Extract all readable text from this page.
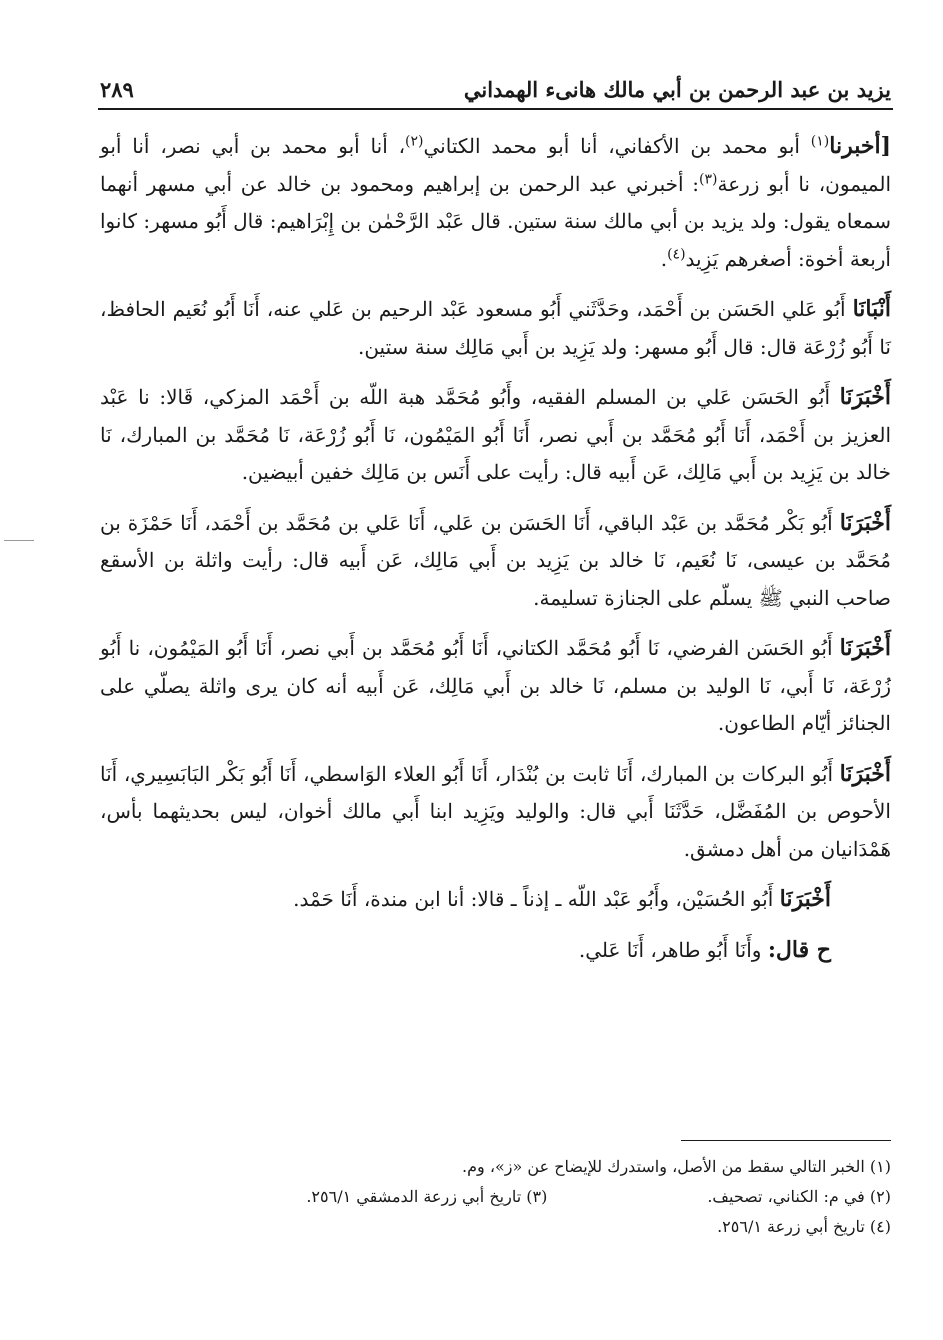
يزيد بن عبد الرحمن بن أبي مالك هانىء الهمداني
٢٨٩

[أخبرنا$^{(١)}$ أبو محمد بن الأكفاني، أنا أبو محمد الكتاني$^{(٢)}$، أنا أبو محمد بن أبي نصر، أنا أبو الميمون، نا أبو زرعة$^{(٣)}$: أخبرني عبد الرحمن بن إبراهيم ومحمود بن خالد عن أبي مسهر أنهما سمعاه يقول: ولد يزيد بن أبي مالك سنة ستين. قال عَبْد الرَّحْمٰن بن إِبْرَاهيم: قال أَبُو مسهر: كانوا أربعة أخوة: أصغرهم يَزِيد$^{(٤)}$.

أَنْبَانَا أَبُو عَلي الحَسَن بن أَحْمَد، وحَدَّثَني أَبُو مسعود عَبْد الرحيم بن عَلي عنه، أَنَا أَبُو نُعَيم الحافظ، نَا أَبُو زُرْعَة قال: قال أَبُو مسهر: ولد يَزِيد بن أَبي مَالِك سنة ستين.

أَخْبَرَنَا أَبُو الحَسَن عَلي بن المسلم الفقيه، وأَبُو مُحَمَّد هبة اللّه بن أَحْمَد المزكي، قَالا: نا عَبْد العزيز بن أَحْمَد، أَنَا أَبُو مُحَمَّد بن أَبي نصر، أَنَا أَبُو المَيْمُون، نَا أَبُو زُرْعَة، نَا مُحَمَّد بن المبارك، نَا خالد بن يَزِيد بن أَبي مَالِك، عَن أَبيه قال: رأيت على أَنَس بن مَالِك خفين أبيضين.

أَخْبَرَنَا أَبُو بَكْر مُحَمَّد بن عَبْد الباقي، أَنَا الحَسَن بن عَلي، أَنَا عَلي بن مُحَمَّد بن أَحْمَد، أَنَا حَمْزَة بن مُحَمَّد بن عيسى، نَا نُعَيم، نَا خالد بن يَزِيد بن أَبي مَالِك، عَن أَبيه قال: رأيت واثلة بن الأسقع صاحب النبي ﷺ يسلّم على الجنازة تسليمة.

أَخْبَرَنَا أَبُو الحَسَن الفرضي، نَا أَبُو مُحَمَّد الكتاني، أَنَا أَبُو مُحَمَّد بن أَبي نصر، أَنَا أَبُو المَيْمُون، نا أَبُو زُرْعَة، نَا أَبي، نَا الوليد بن مسلم، نَا خالد بن أَبي مَالِك، عَن أَبيه أنه كان يرى واثلة يصلّي على الجنائز أيّام الطاعون.

أَخْبَرَنَا أَبُو البركات بن المبارك، أَنَا ثابت بن بُنْدَار، أَنَا أَبُو العلاء الوَاسطي، أَنَا أَبُو بَكْر البَابَسِيري، أَنَا الأحوص بن المُفَضَّل، حَدَّثَنَا أَبي قال: والوليد ويَزِيد ابنا أَبي مالك أخوان، ليس بحديثهما بأس، هَمْدَانيان من أهل دمشق.

أَخْبَرَنَا أَبُو الحُسَيْن، وأَبُو عَبْد اللّه ـ إذناً ـ قالا: أنا ابن مندة، أَنَا حَمْد.

ح قال: وأَنَا أَبُو طاهر، أَنَا عَلي.

(١) الخبر التالي سقط من الأصل، واستدرك للإيضاح عن «ز»، وم.
(٢) في م: الكناني، تصحيف.
(٣) تاريخ أبي زرعة الدمشقي ٢٥٦/١.
(٤) تاريخ أبي زرعة ٢٥٦/١.
